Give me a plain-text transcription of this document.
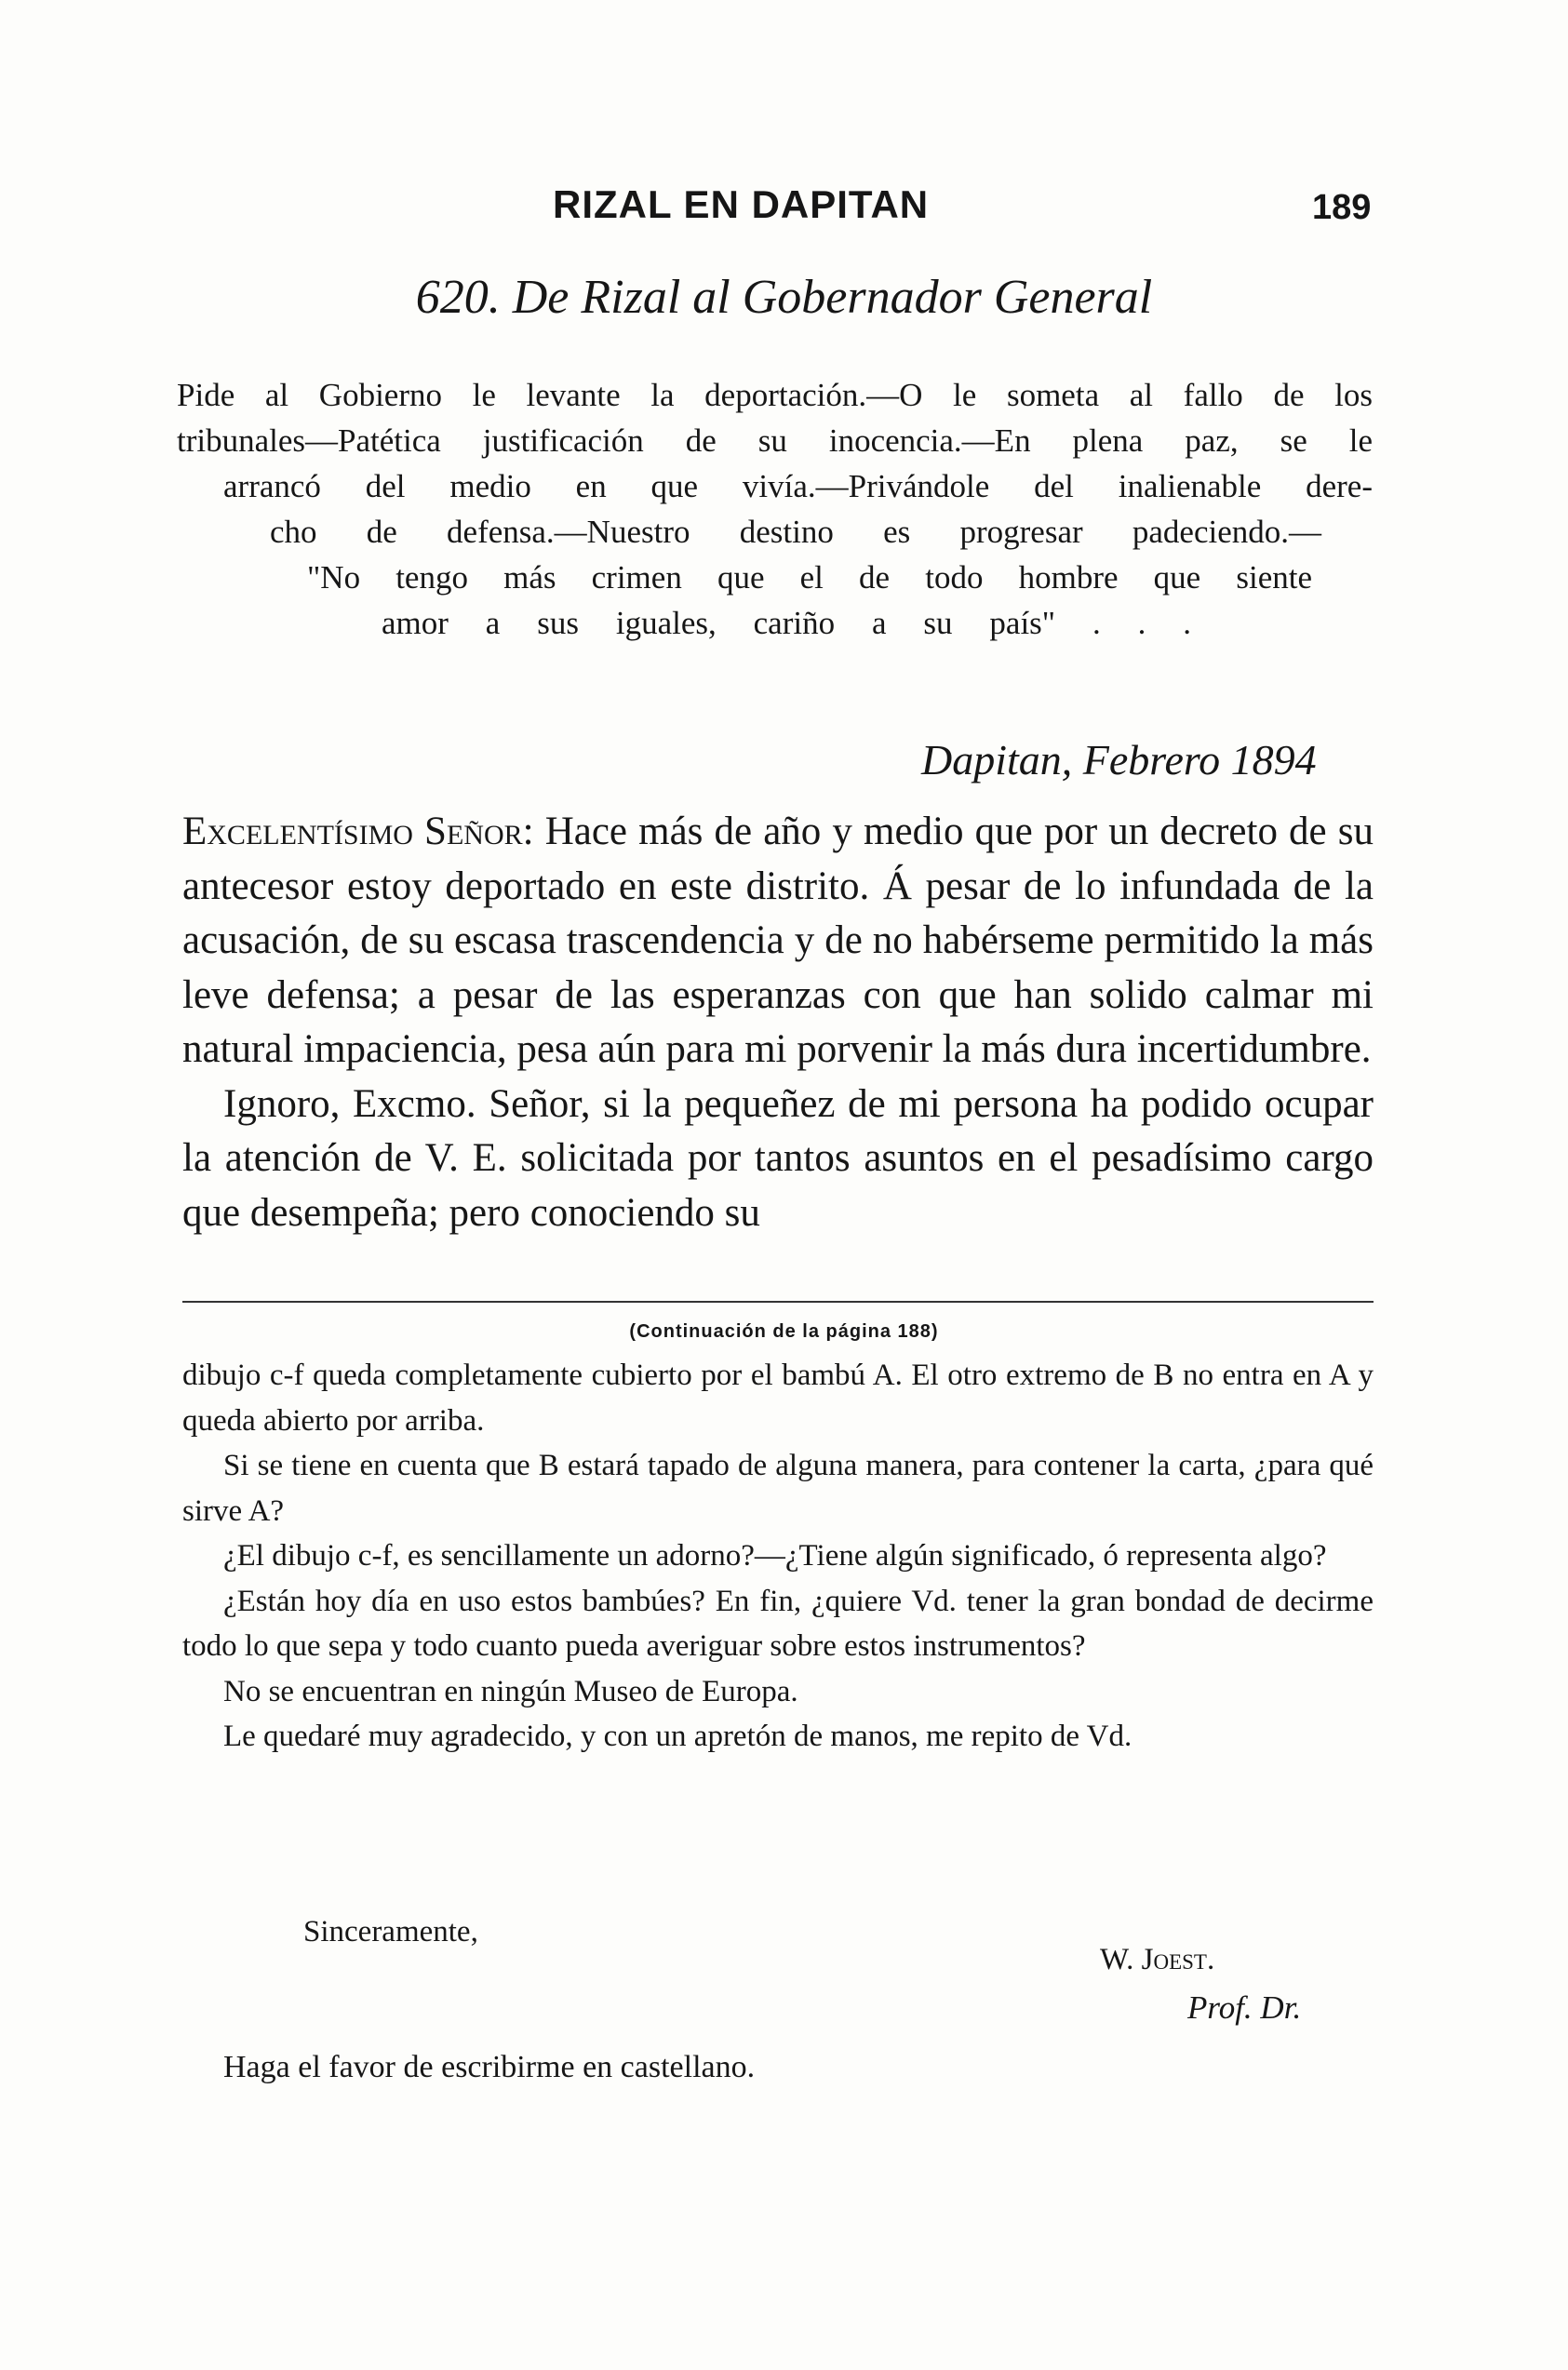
RIZAL EN DAPITAN	189
620. De Rizal al Gobernador General
Pide al Gobierno le levante la deportación.—O le someta al fallo de los
tribunales—Patética justificación de su inocencia.—En plena paz, se le
arrancó del medio en que vivía.—Privándole del inalienable dere-
cho de defensa.—Nuestro destino es progresar padeciendo.—
"No tengo más crimen que el de todo hombre que siente
amor a sus iguales, cariño a su país" . . .
Dapitan, Febrero 1894

Excelentísimo Señor: Hace más de año y medio que por un decreto de su antecesor estoy deportado en este distrito. Á pesar de lo infundada de la acusación, de su escasa trascendencia y de no habérseme permitido la más leve defensa; a pesar de las esperanzas con que han solido calmar mi natural impaciencia, pesa aún para mi porvenir la más dura incertidumbre.

Ignoro, Excmo. Señor, si la pequeñez de mi persona ha podido ocupar la atención de V. E. solicitada por tantos asuntos en el pesadísimo cargo que desempeña; pero conociendo su

(Continuación de la página 188)

dibujo c-f queda completamente cubierto por el bambú A. El otro extremo de B no entra en A y queda abierto por arriba.

Si se tiene en cuenta que B estará tapado de alguna manera, para contener la carta, ¿para qué sirve A?

¿El dibujo c-f, es sencillamente un adorno?—¿Tiene algún significado, ó representa algo?

¿Están hoy día en uso estos bambúes? En fin, ¿quiere Vd. tener la gran bondad de decirme todo lo que sepa y todo cuanto pueda averiguar sobre estos instrumentos?

No se encuentran en ningún Museo de Europa.

Le quedaré muy agradecido, y con un apretón de manos, me repito de Vd.

Sinceramente,
W. Joest.
Prof. Dr.
Haga el favor de escribirme en castellano.
